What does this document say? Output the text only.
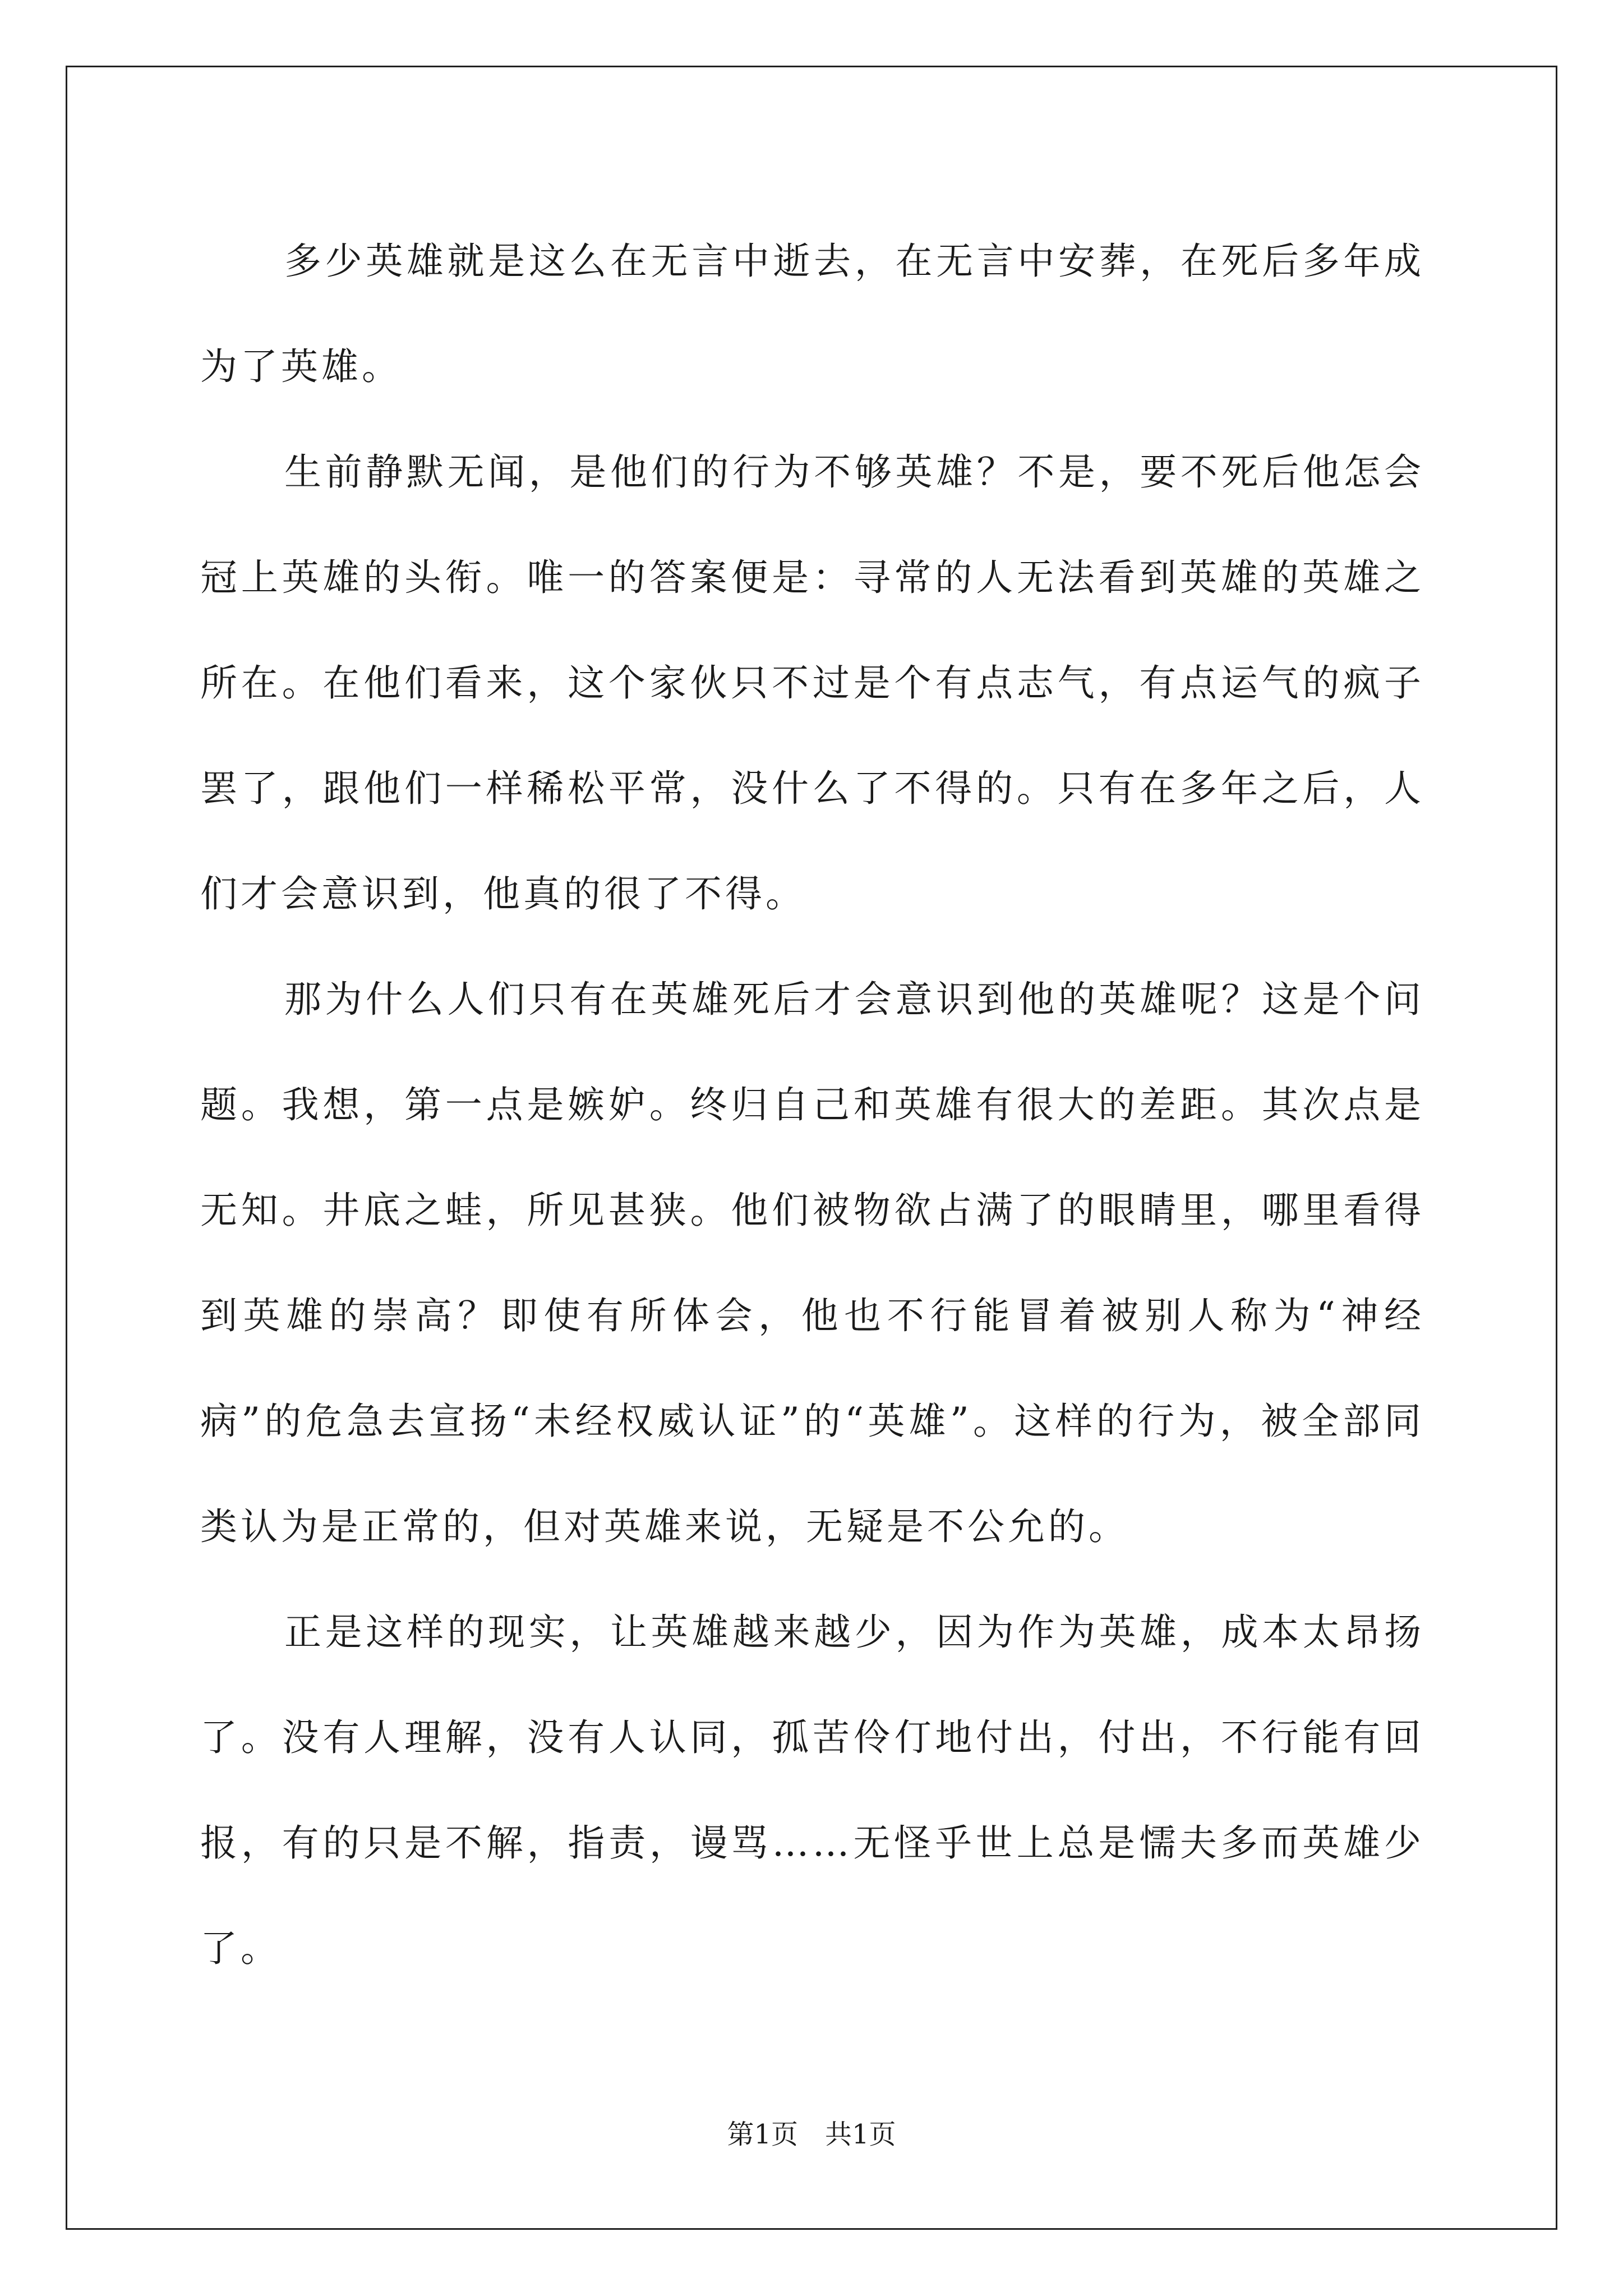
多少英雄就是这么在无言中逝去，在无言中安葬，在死后多年成为了英雄。

生前静默无闻，是他们的行为不够英雄？不是，要不死后他怎会冠上英雄的头衔。唯一的答案便是：寻常的人无法看到英雄的英雄之所在。在他们看来，这个家伙只不过是个有点志气，有点运气的疯子罢了，跟他们一样稀松平常，没什么了不得的。只有在多年之后，人们才会意识到，他真的很了不得。

那为什么人们只有在英雄死后才会意识到他的英雄呢？这是个问题。我想，第一点是嫉妒。终归自己和英雄有很大的差距。其次点是无知。井底之蛙，所见甚狭。他们被物欲占满了的眼睛里，哪里看得到英雄的崇高？即使有所体会，他也不行能冒着被别人称为“神经病”的危急去宣扬“未经权威认证”的“英雄”。这样的行为，被全部同类认为是正常的，但对英雄来说，无疑是不公允的。

正是这样的现实，让英雄越来越少，因为作为英雄，成本太昂扬了。没有人理解，没有人认同，孤苦伶仃地付出，付出，不行能有回报，有的只是不解，指责，谩骂……无怪乎世上总是懦夫多而英雄少了。

第1页 共1页
